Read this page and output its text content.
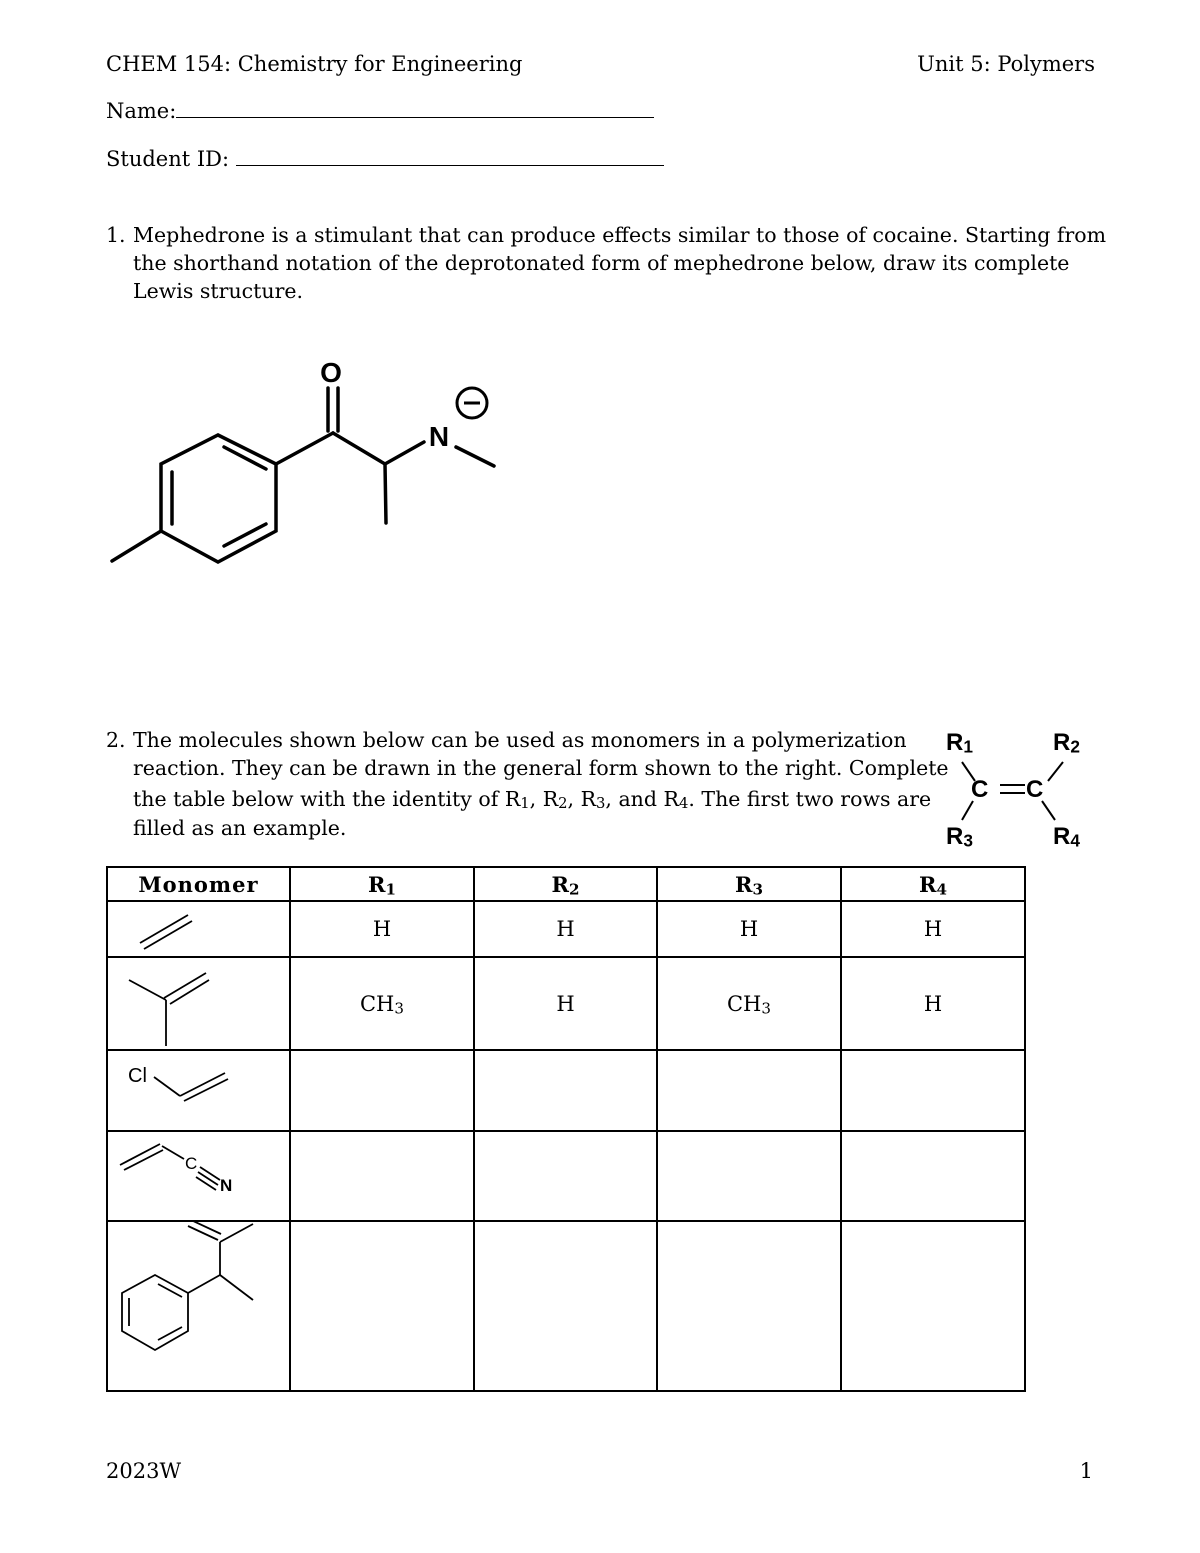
CHEM 154: Chemistry for Engineering	Unit 5: Polymers
Name:
Student ID:
1. Mephedrone is a stimulant that can produce effects similar to those of cocaine. Starting from
the shorthand notation of the deprotonated form of mephedrone below, draw its complete
Lewis structure.
O
N
2. The molecules shown below can be used as monomers in a polymerization
reaction. They can be drawn in the general form shown to the right. Complete
the table below with the identity of $R_1$, $R_2$, $R_3$, and $R_4$. The first two rows are
filled as an example.
$R_1$	$R_2$
C C
$R_3$	$R_4$
Monomer	$R_1$	$R_2$	$R_3$	$R_4$

	H	H	H	H

	$CH_3$	H	$CH_3$	H

Cl				

C
N				

2023W	1
